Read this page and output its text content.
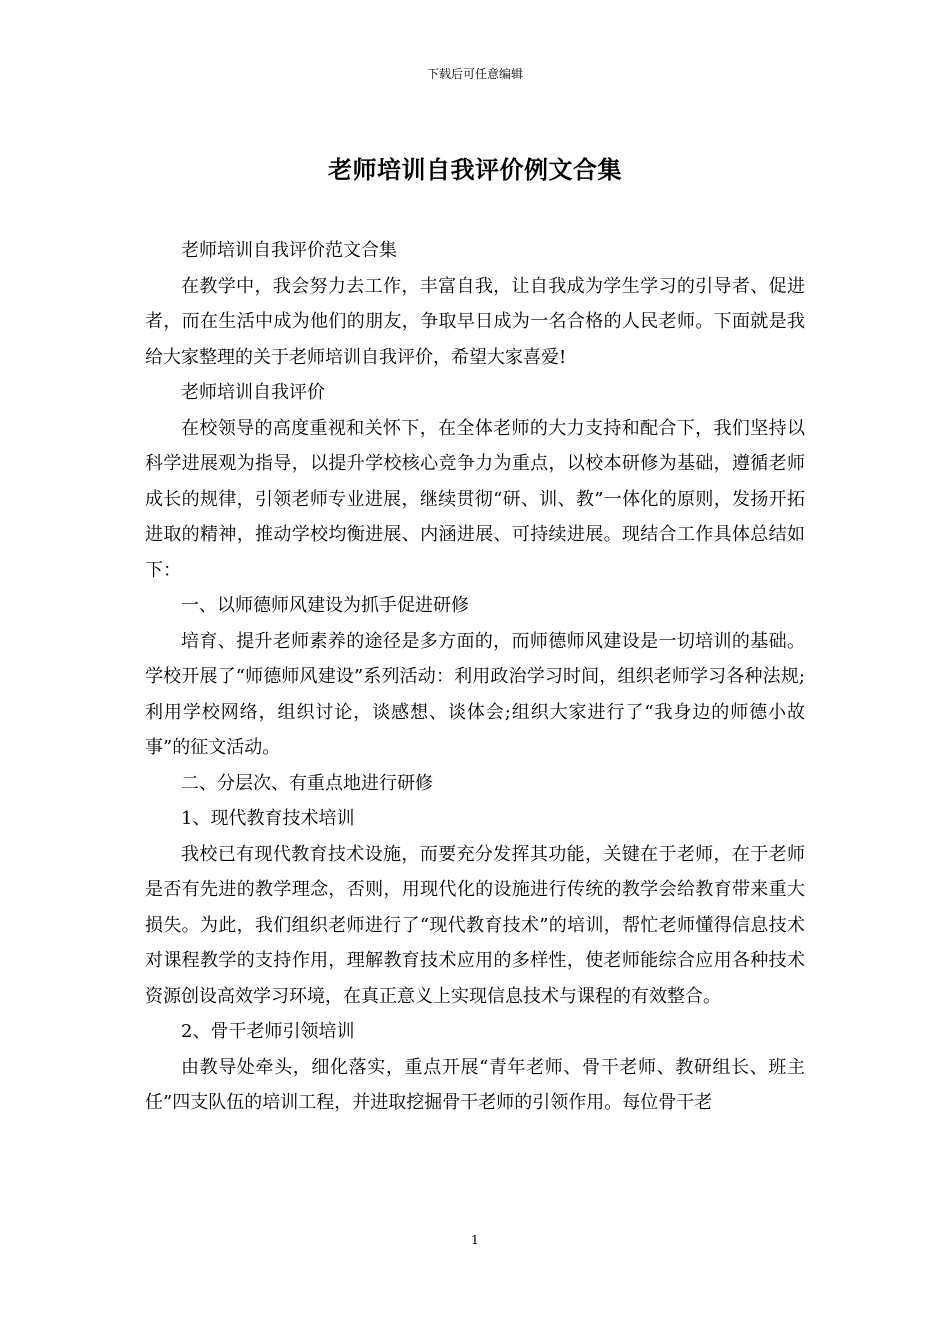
下载后可任意编辑
老师培训自我评价例文合集

老师培训自我评价范文合集

在教学中，我会努力去工作，丰富自我，让自我成为学生学习的引导者、促进者，而在生活中成为他们的朋友，争取早日成为一名合格的人民老师。下面就是我给大家整理的关于老师培训自我评价，希望大家喜爱!

老师培训自我评价

在校领导的高度重视和关怀下，在全体老师的大力支持和配合下，我们坚持以科学进展观为指导，以提升学校核心竞争力为重点，以校本研修为基础，遵循老师成长的规律，引领老师专业进展，继续贯彻“研、训、教”一体化的原则，发扬开拓进取的精神，推动学校均衡进展、内涵进展、可持续进展。现结合工作具体总结如下：

一、以师德师风建设为抓手促进研修

培育、提升老师素养的途径是多方面的，而师德师风建设是一切培训的基础。学校开展了“师德师风建设”系列活动：利用政治学习时间，组织老师学习各种法规;利用学校网络，组织讨论，谈感想、谈体会;组织大家进行了“我身边的师德小故事”的征文活动。

二、分层次、有重点地进行研修

1、现代教育技术培训

我校已有现代教育技术设施，而要充分发挥其功能，关键在于老师，在于老师是否有先进的教学理念，否则，用现代化的设施进行传统的教学会给教育带来重大损失。为此，我们组织老师进行了“现代教育技术”的培训，帮忙老师懂得信息技术对课程教学的支持作用，理解教育技术应用的多样性，使老师能综合应用各种技术资源创设高效学习环境，在真正意义上实现信息技术与课程的有效整合。

2、骨干老师引领培训

由教导处牵头，细化落实，重点开展“青年老师、骨干老师、教研组长、班主任”四支队伍的培训工程，并进取挖掘骨干老师的引领作用。每位骨干老

1
